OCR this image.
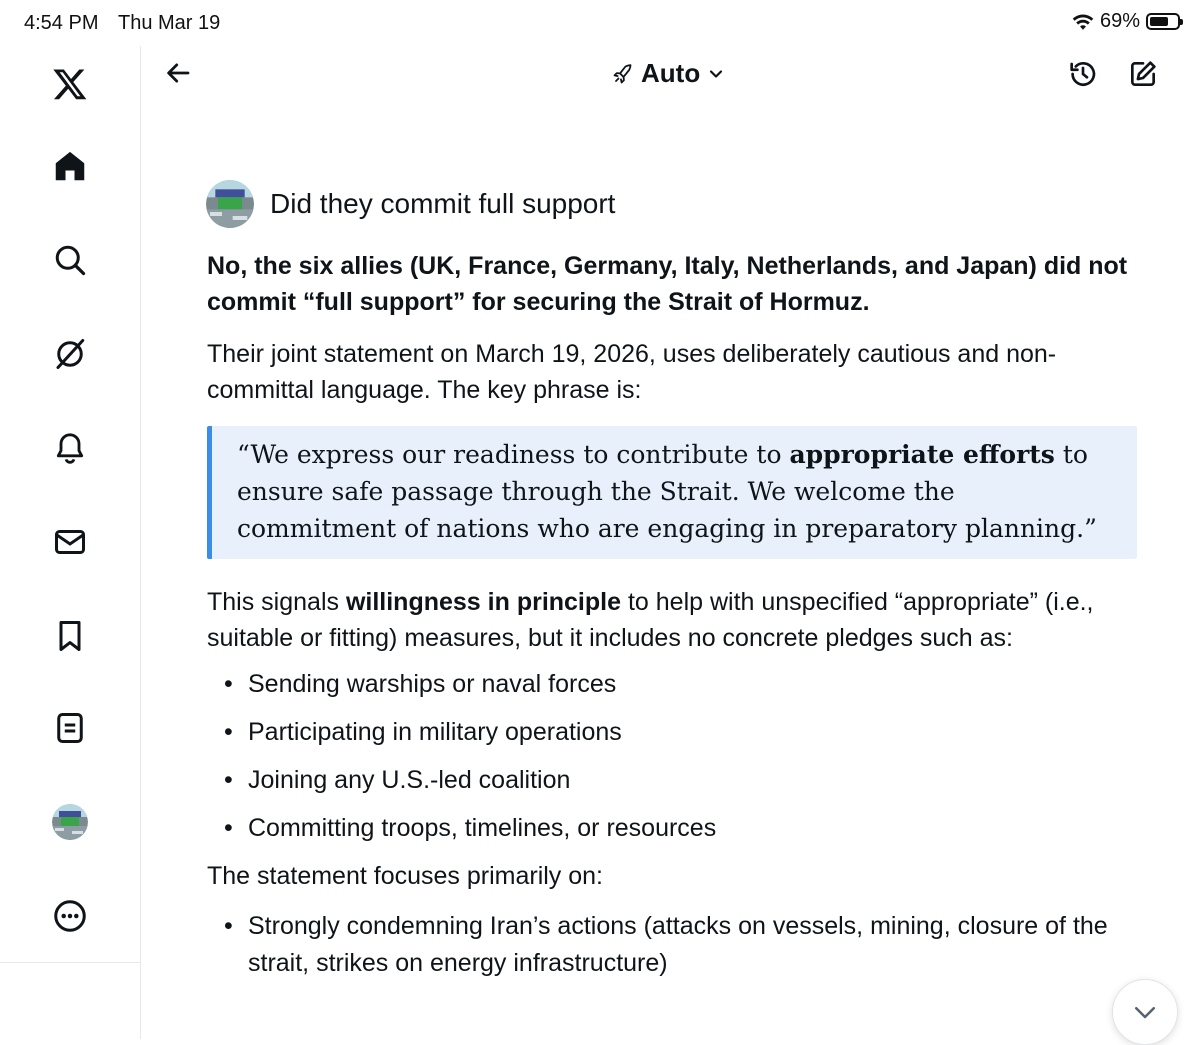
4:54 PM Thu Mar 19	69%
Auto
Did they commit full support
No, the six allies (UK, France, Germany, Italy, Netherlands, and Japan) did not commit “full support” for securing the Strait of Hormuz.
Their joint statement on March 19, 2026, uses deliberately cautious and non-committal language. The key phrase is:
“We express our readiness to contribute to appropriate efforts to ensure safe passage through the Strait. We welcome the commitment of nations who are engaging in preparatory planning.”
This signals willingness in principle to help with unspecified “appropriate” (i.e., suitable or fitting) measures, but it includes no concrete pledges such as:
• Sending warships or naval forces
• Participating in military operations
• Joining any U.S.-led coalition
• Committing troops, timelines, or resources
The statement focuses primarily on:
• Strongly condemning Iran’s actions (attacks on vessels, mining, closure of the strait, strikes on energy infrastructure)
